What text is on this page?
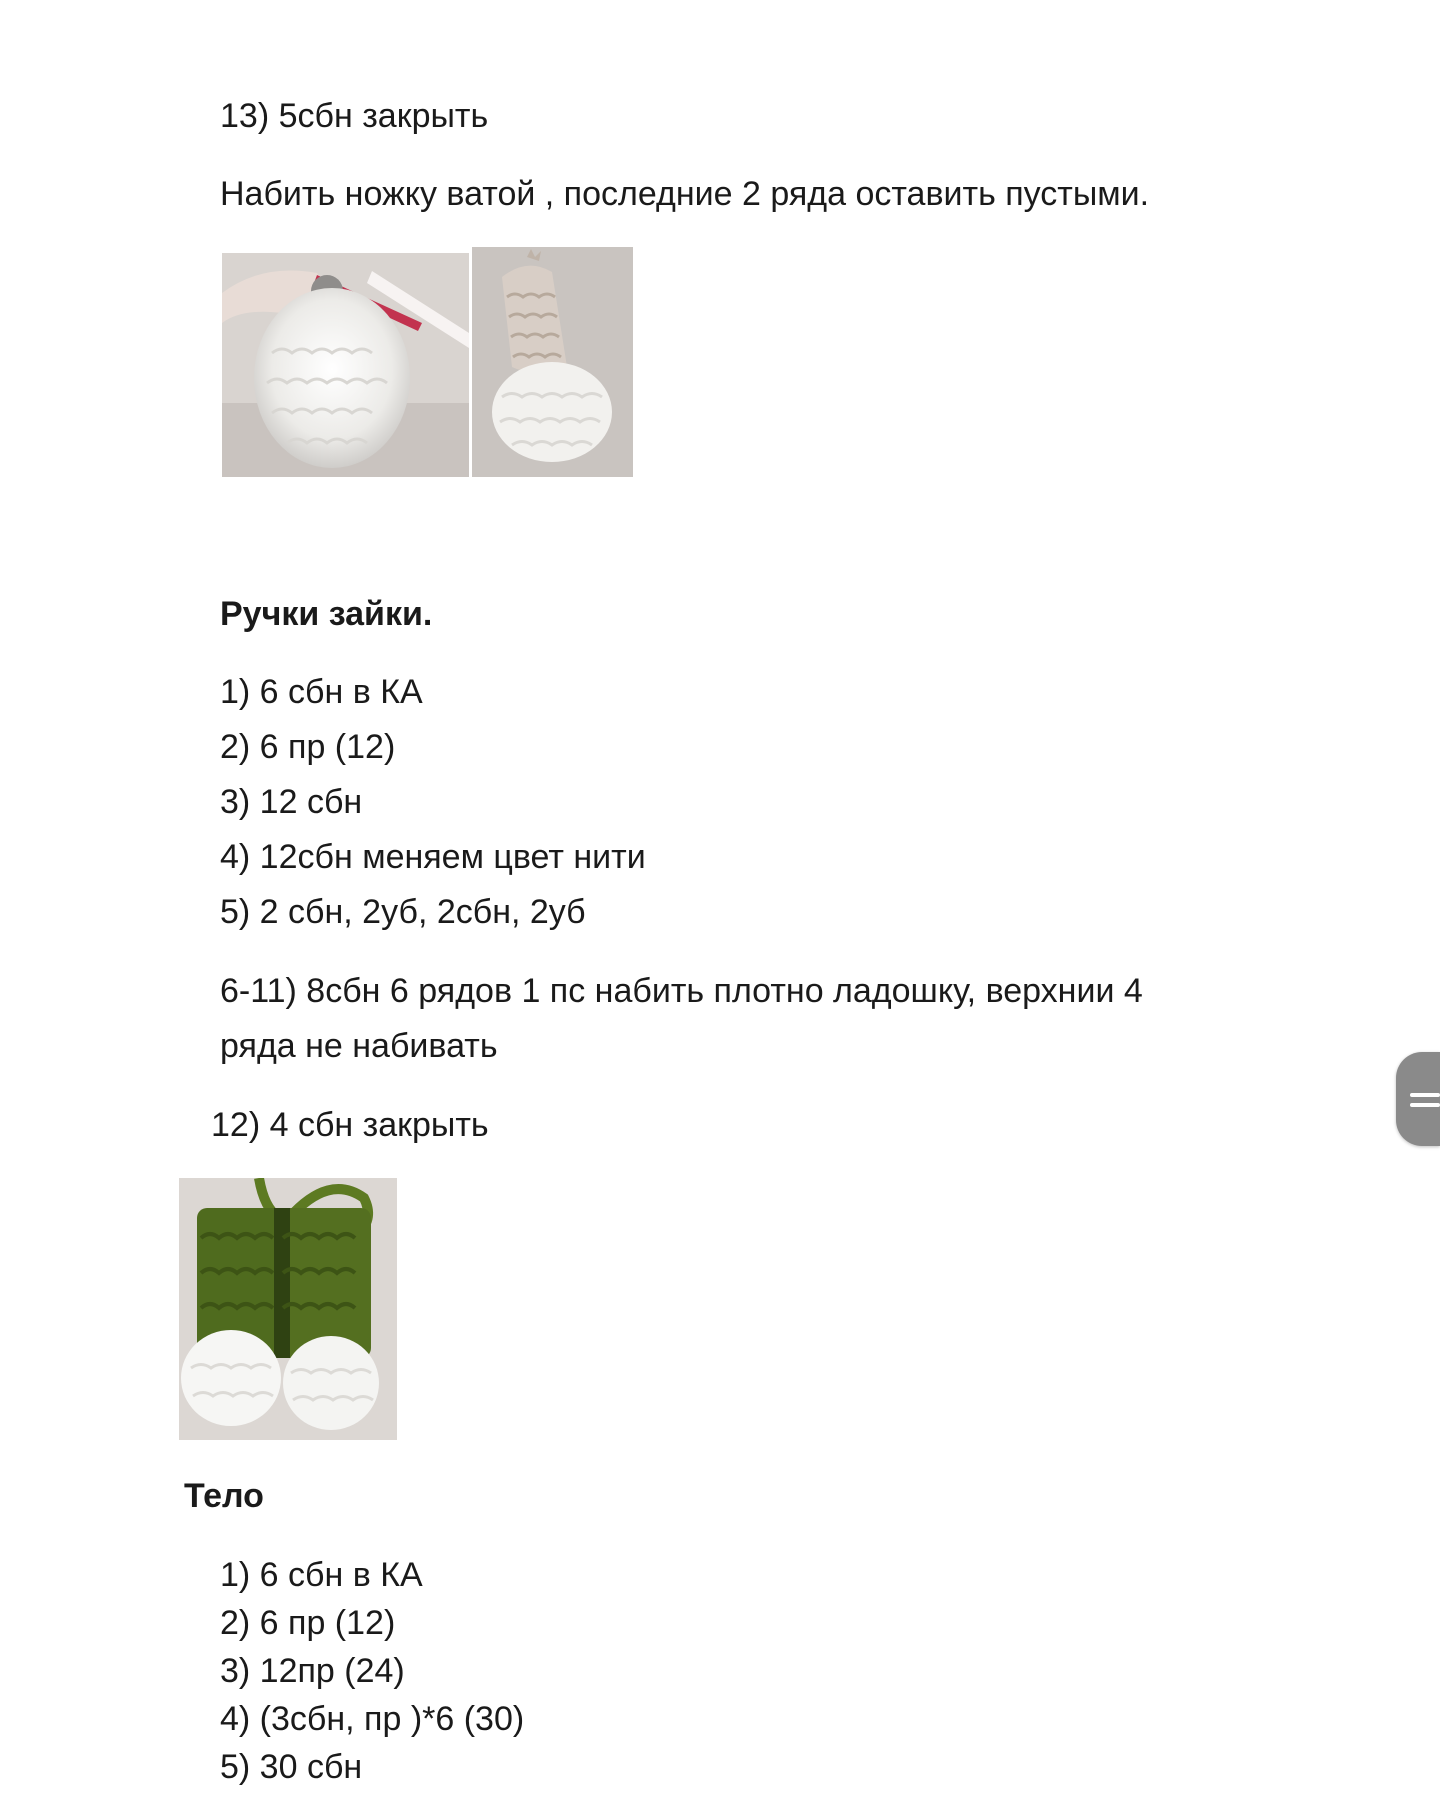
13) 5сбн закрыть

Набить ножку ватой , последние 2 ряда оставить пустыми.

Ручки зайки.

1) 6 сбн в КА

2) 6 пр (12)

3) 12 сбн

4) 12сбн меняем цвет нити

5) 2 сбн, 2уб, 2сбн, 2уб

6-11) 8сбн 6 рядов 1 пс набить плотно ладошку, верхнии 4

ряда не набивать

12) 4 сбн закрыть

Тело

1) 6 сбн в КА

2) 6 пр (12)

3) 12пр (24)

4) (3сбн, пр )*6 (30)

5) 30 сбн
